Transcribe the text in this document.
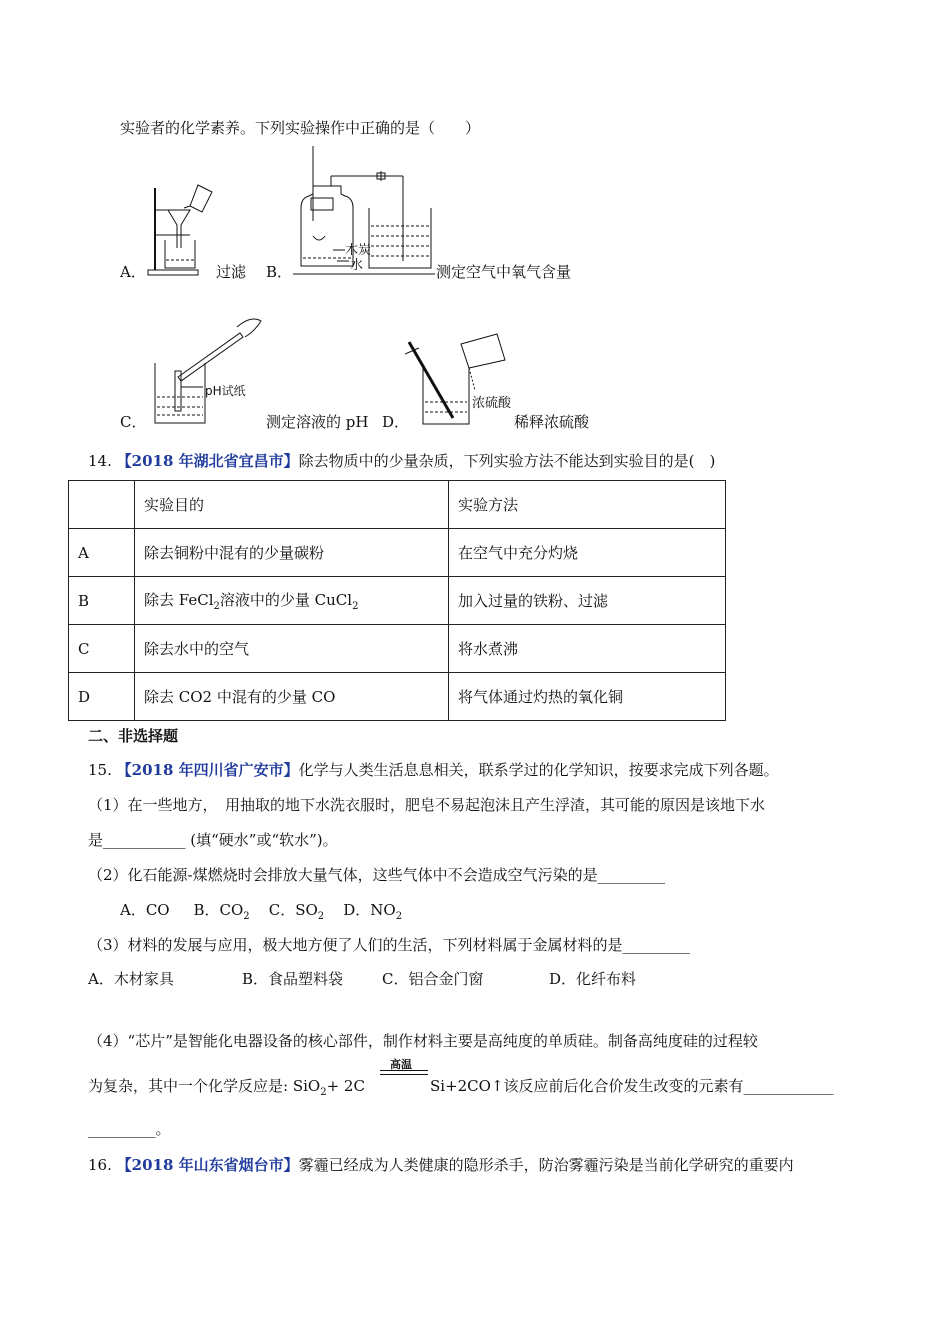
实验者的化学素养。下列实验操作中正确的是（　　）
A．	过滤 B．
木炭
水	测定空气中氧气含量
pH试纸
C．	测定溶液的 pH D．
浓硫酸
稀释浓硫酸
14. 【2018 年湖北省宜昌市】除去物质中的少量杂质，下列实验方法不能达到实验目的是(　)
	实验目的	实验方法
A	除去铜粉中混有的少量碳粉	在空气中充分灼烧
B	除去 FeCl$_2$溶液中的少量 CuCl$_2$	加入过量的铁粉、过滤
C	除去水中的空气	将水煮沸
D	除去 CO2 中混有的少量 CO	将气体通过灼热的氧化铜
二、非选择题
15. 【2018 年四川省广安市】化学与人类生活息息相关，联系学过的化学知识，按要求完成下列各题。
（1）在一些地方，　用抽取的地下水洗衣服时，肥皂不易起泡沫且产生浮渣，其可能的原因是该地下水
是___________ (填“硬水”或“软水”)。
（2）化石能源-煤燃烧时会排放大量气体，这些气体中不会造成空气污染的是_________
A．CO B．$CO_2$ C．$SO_2$ D．$NO_2$
（3）材料的发展与应用，极大地方便了人们的生活，下列材料属于金属材料的是_________
A．木材家具	B．食品塑料袋	C．铝合金门窗	D．化纤布料
（4）“芯片”是智能化电器设备的核心部件，制作材料主要是高纯度的单质硅。制备高纯度硅的过程较
高温
为复杂，其中一个化学反应是: SiO$_2$+ 2C	Si+2CO↑该反应前后化合价发生改变的元素有____________
_________。
16. 【2018 年山东省烟台市】雾霾已经成为人类健康的隐形杀手，防治雾霾污染是当前化学研究的重要内
